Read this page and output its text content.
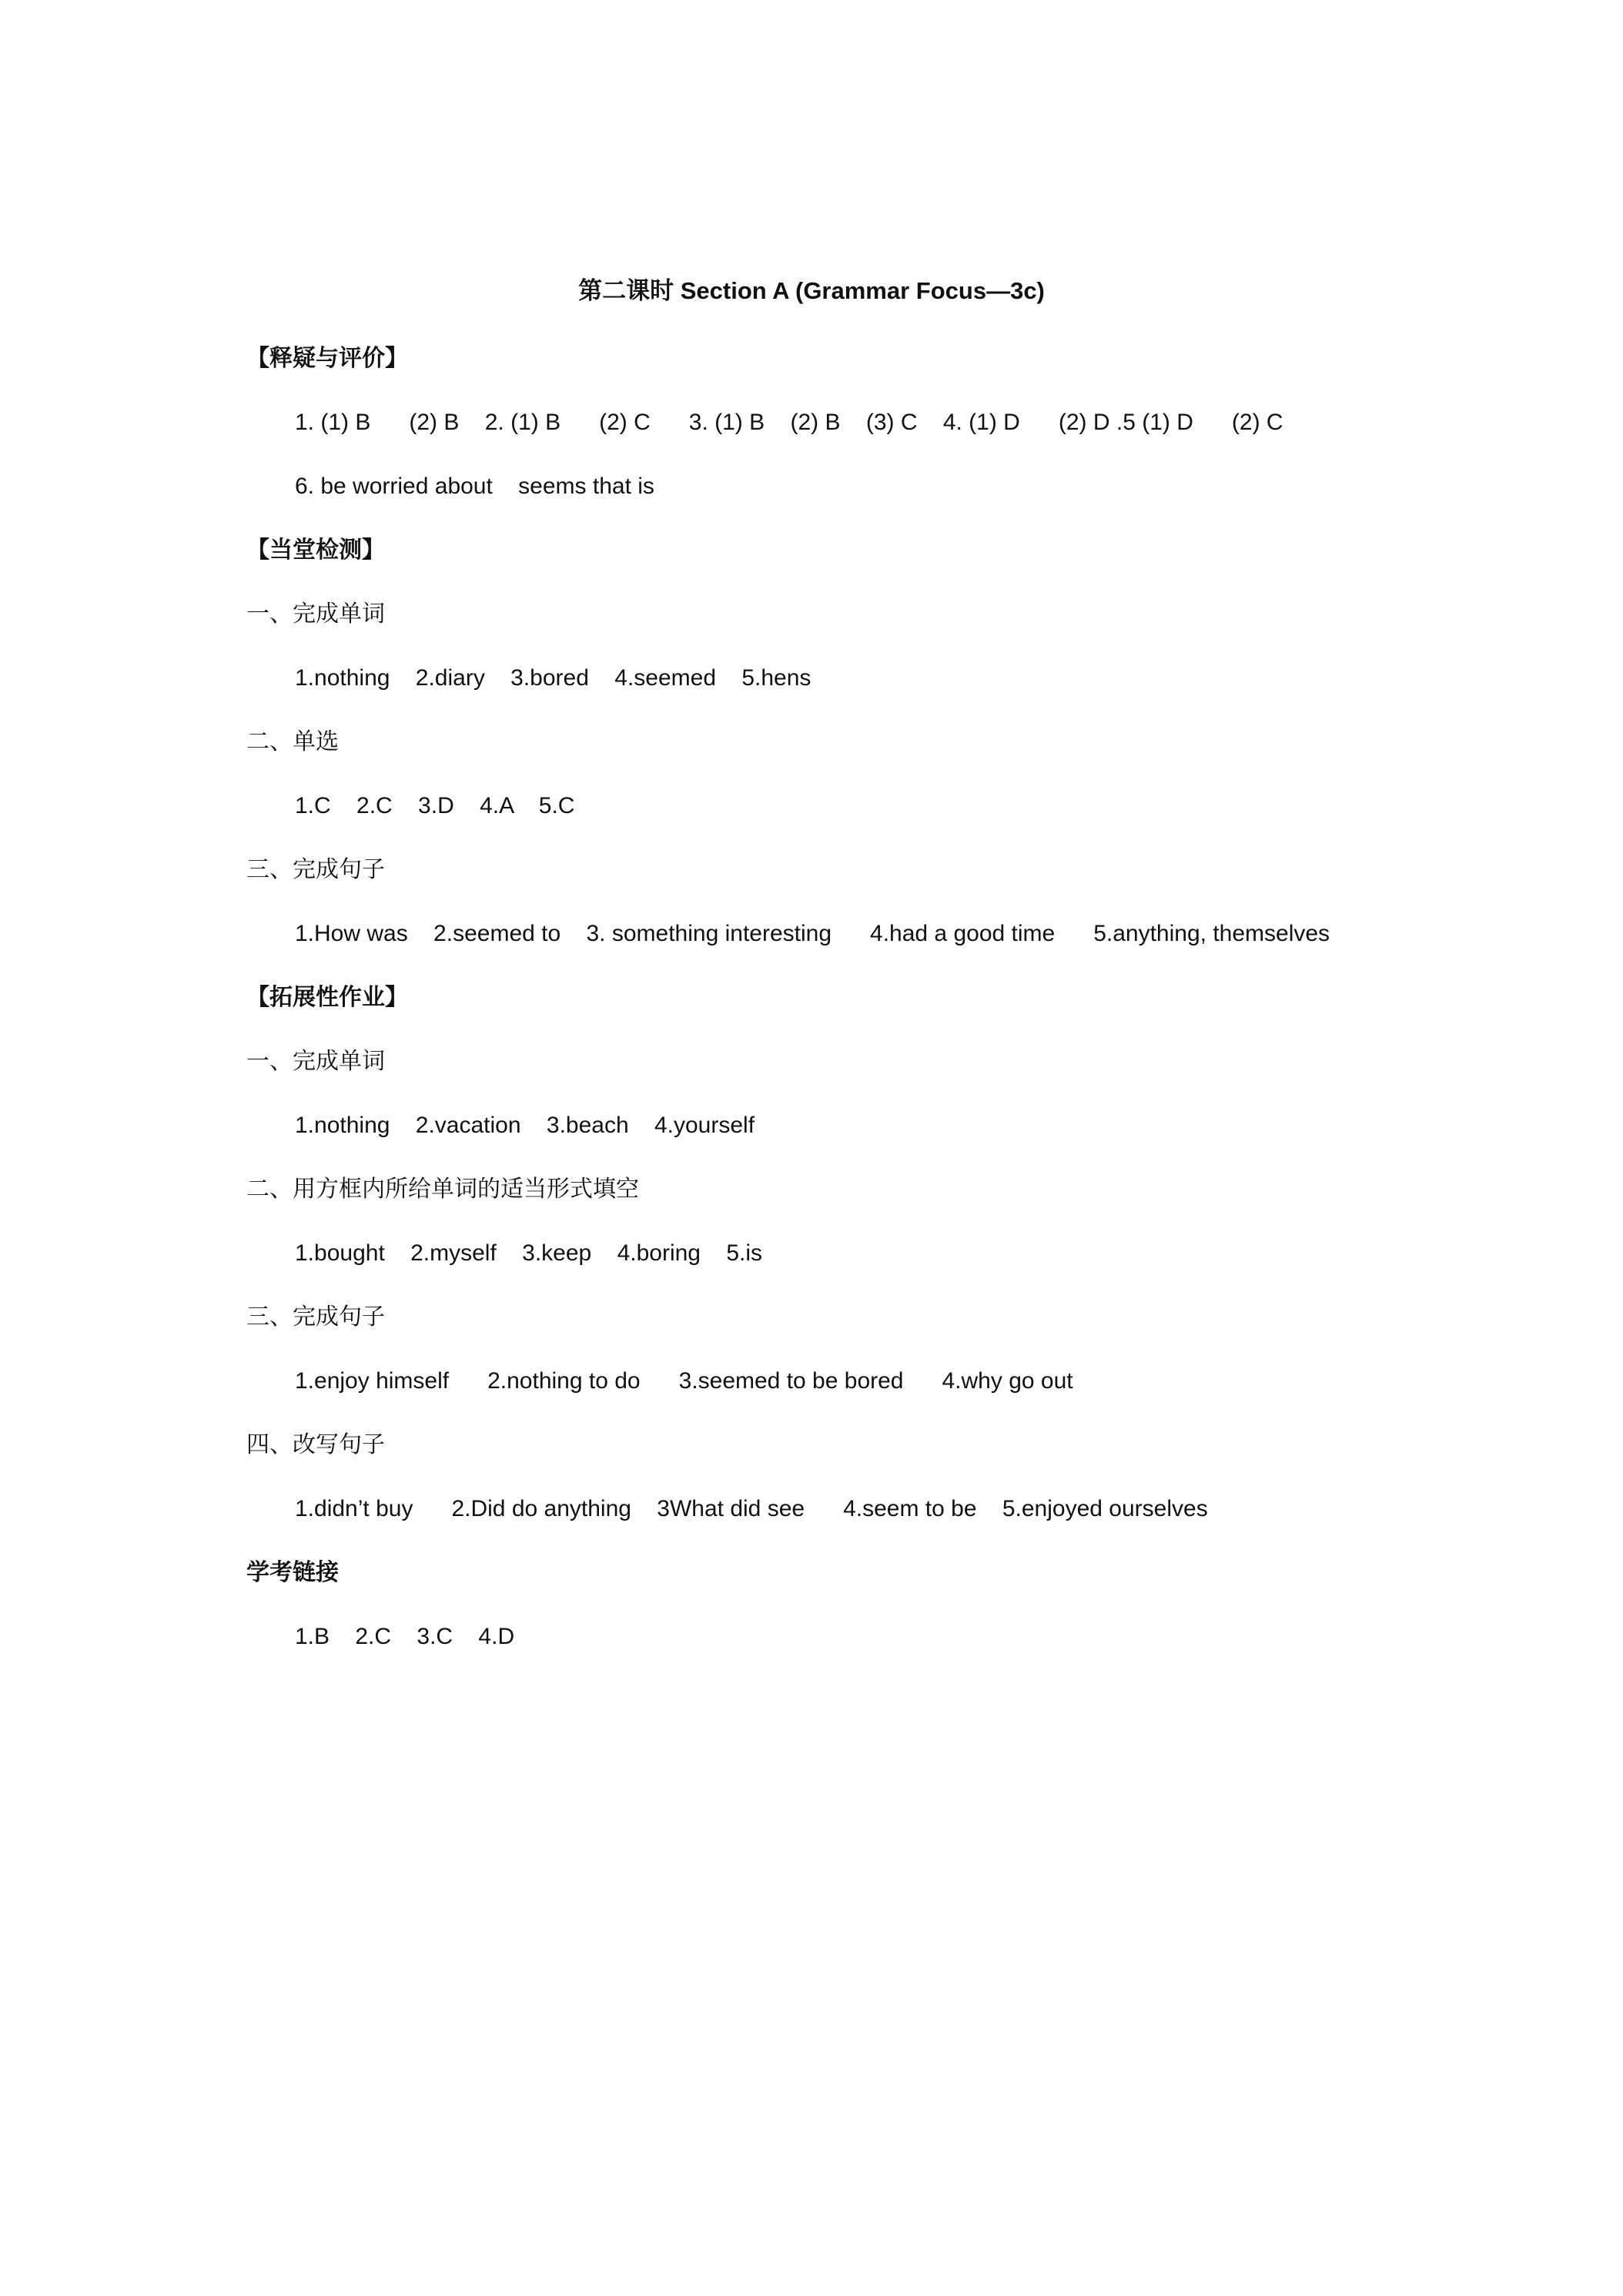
第二课时 Section A (Grammar Focus—3c)
【释疑与评价】
1. (1) B      (2) B    2. (1) B      (2) C      3. (1) B    (2) B    (3) C    4. (1) D      (2) D .5 (1) D      (2) C
6. be worried about    seems that is
【当堂检测】
一、完成单词
1.nothing    2.diary    3.bored    4.seemed    5.hens
二、单选
1.C    2.C    3.D    4.A    5.C
三、完成句子
1.How was    2.seemed to    3. something interesting      4.had a good time      5.anything, themselves
【拓展性作业】
一、完成单词
1.nothing    2.vacation    3.beach    4.yourself
二、用方框内所给单词的适当形式填空
1.bought    2.myself    3.keep    4.boring    5.is
三、完成句子
1.enjoy himself      2.nothing to do      3.seemed to be bored      4.why go out
四、改写句子
1.didn’t buy      2.Did do anything    3What did see      4.seem to be    5.enjoyed ourselves
学考链接
1.B    2.C    3.C    4.D
